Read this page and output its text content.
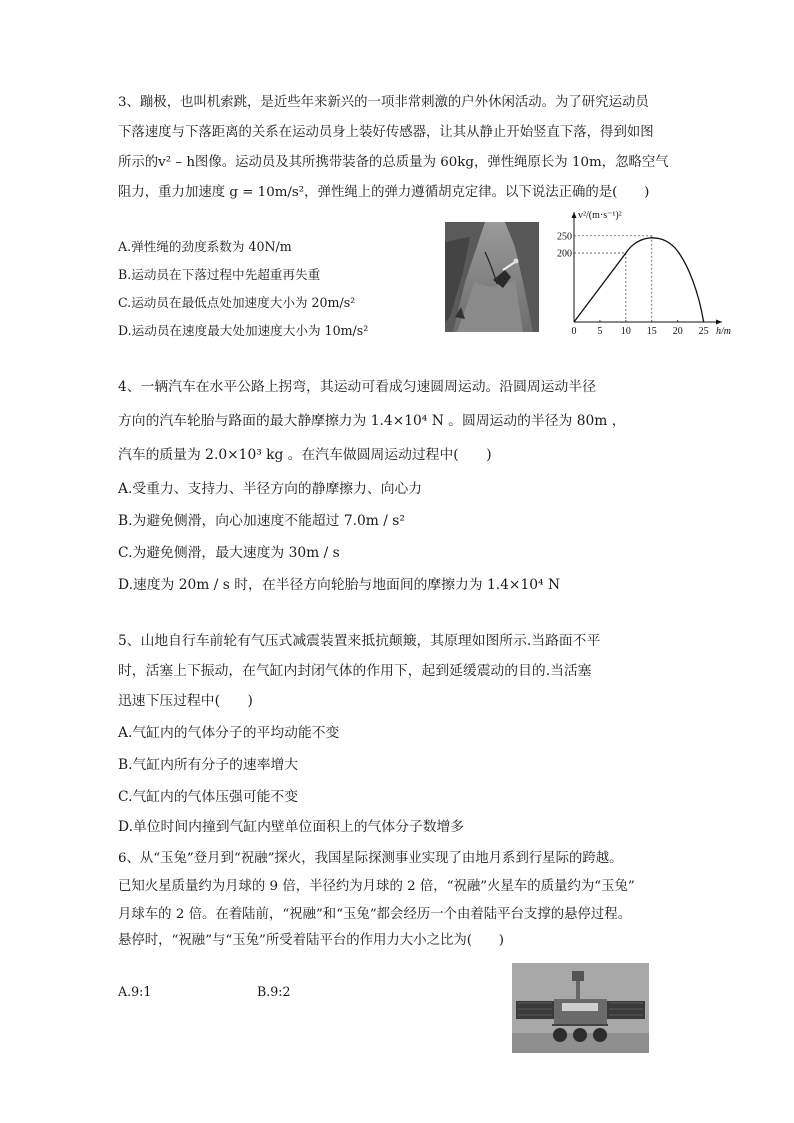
3、蹦极，也叫机索跳，是近些年来新兴的一项非常刺激的户外休闲活动。为了研究运动员
下落速度与下落距离的关系在运动员身上装好传感器，让其从静止开始竖直下落，得到如图
所示的v² – h图像。运动员及其所携带装备的总质量为 60kg，弹性绳原长为 10m，忽略空气
阻力，重力加速度 g = 10m/s²，弹性绳上的弹力遵循胡克定律。以下说法正确的是(　　)
A.弹性绳的劲度系数为 40N/m
B.运动员在下落过程中先超重再失重
C.运动员在最低点处加速度大小为 20m/s²
D.运动员在速度最大处加速度大小为 10m/s²
v²/(m·s⁻¹)²
h/m
0 5 10 15 20 25
200
250
4、一辆汽车在水平公路上拐弯，其运动可看成匀速圆周运动。沿圆周运动半径
方向的汽车轮胎与路面的最大静摩擦力为 1.4×10⁴ N 。圆周运动的半径为 80m ，
汽车的质量为 2.0×10³ kg 。在汽车做圆周运动过程中(　　)
A.受重力、支持力、半径方向的静摩擦力、向心力
B.为避免侧滑，向心加速度不能超过 7.0m / s²
C.为避免侧滑，最大速度为 30m / s
D.速度为 20m / s 时，在半径方向轮胎与地面间的摩擦力为 1.4×10⁴ N
5、山地自行车前轮有气压式减震装置来抵抗颠簸，其原理如图所示.当路面不平
时，活塞上下振动，在气缸内封闭气体的作用下，起到延缓震动的目的.当活塞
迅速下压过程中(　　)
A.气缸内的气体分子的平均动能不变
B.气缸内所有分子的速率增大
C.气缸内的气体压强可能不变
D.单位时间内撞到气缸内壁单位面积上的气体分子数增多
6、从“玉兔”登月到“祝融”探火，我国星际探测事业实现了由地月系到行星际的跨越。
已知火星质量约为月球的 9 倍，半径约为月球的 2 倍，“祝融”火星车的质量约为“玉兔”
月球车的 2 倍。在着陆前，“祝融”和“玉兔”都会经历一个由着陆平台支撑的悬停过程。
悬停时，“祝融”与“玉兔”所受着陆平台的作用力大小之比为(　　)
A.9:1	B.9:2
